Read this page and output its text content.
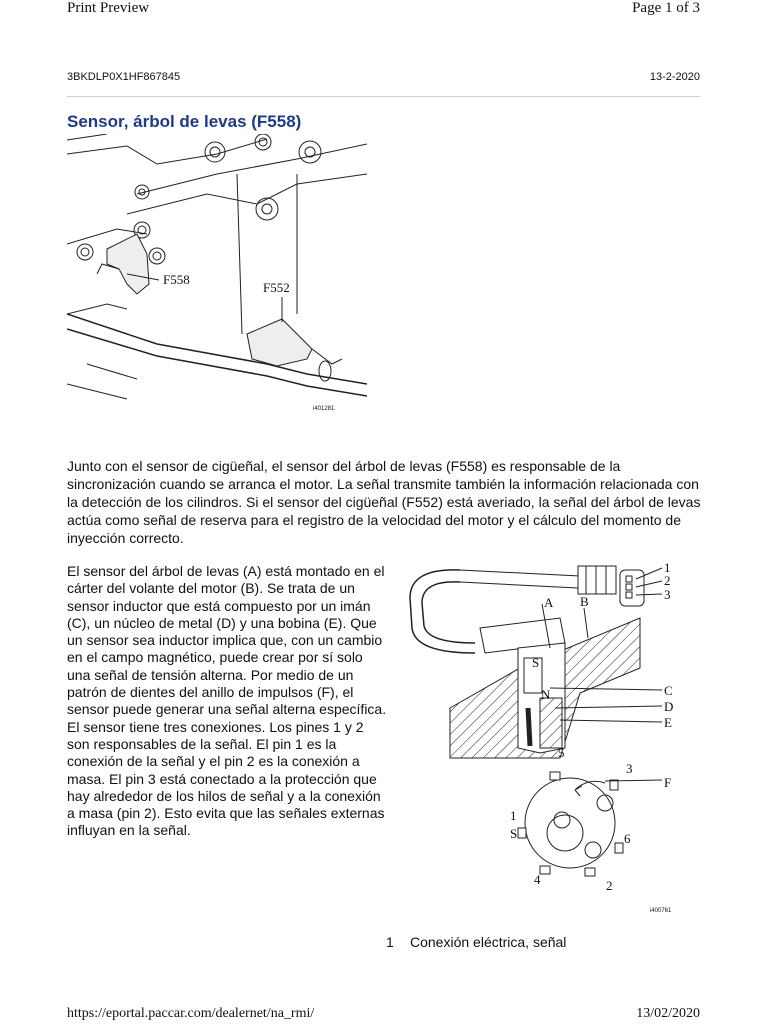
Print Preview	Page 1 of 3
3BKDLP0X1HF867845	13-2-2020
Sensor, árbol de levas (F558)
F558
F552
i401281
Junto con el sensor de cigüeñal, el sensor del árbol de levas (F558) es responsable de la sincronización cuando se arranca el motor. La señal transmite también la información relacionada con la detección de los cilindros. Si el sensor del cigüeñal (F552) está averiado, la señal del árbol de levas actúa como señal de reserva para el registro de la velocidad del motor y el cálculo del momento de inyección correcto.
El sensor del árbol de levas (A) está montado en el cárter del volante del motor (B). Se trata de un sensor inductor que está compuesto por un imán (C), un núcleo de metal (D) y una bobina (E). Que un sensor sea inductor implica que, con un cambio en el campo magnético, puede crear por sí solo una señal de tensión alterna. Por medio de un patrón de dientes del anillo de impulsos (F), el sensor puede generar una señal alterna específica. El sensor tiene tres conexiones. Los pines 1 y 2 son responsables de la señal. El pin 1 es la conexión de la señal y el pin 2 es la conexión a masa. El pin 3 está conectado a la protección que hay alrededor de los hilos de señal y a la conexión a masa (pin 2). Esto evita que las señales externas influyan en la señal.
1
2
3
A B
C
D
E
F
S
N
5
3
1
S	6
4	2
i400761
1 Conexión eléctrica, señal
https://eportal.paccar.com/dealernet/na_rmi/	13/02/2020
